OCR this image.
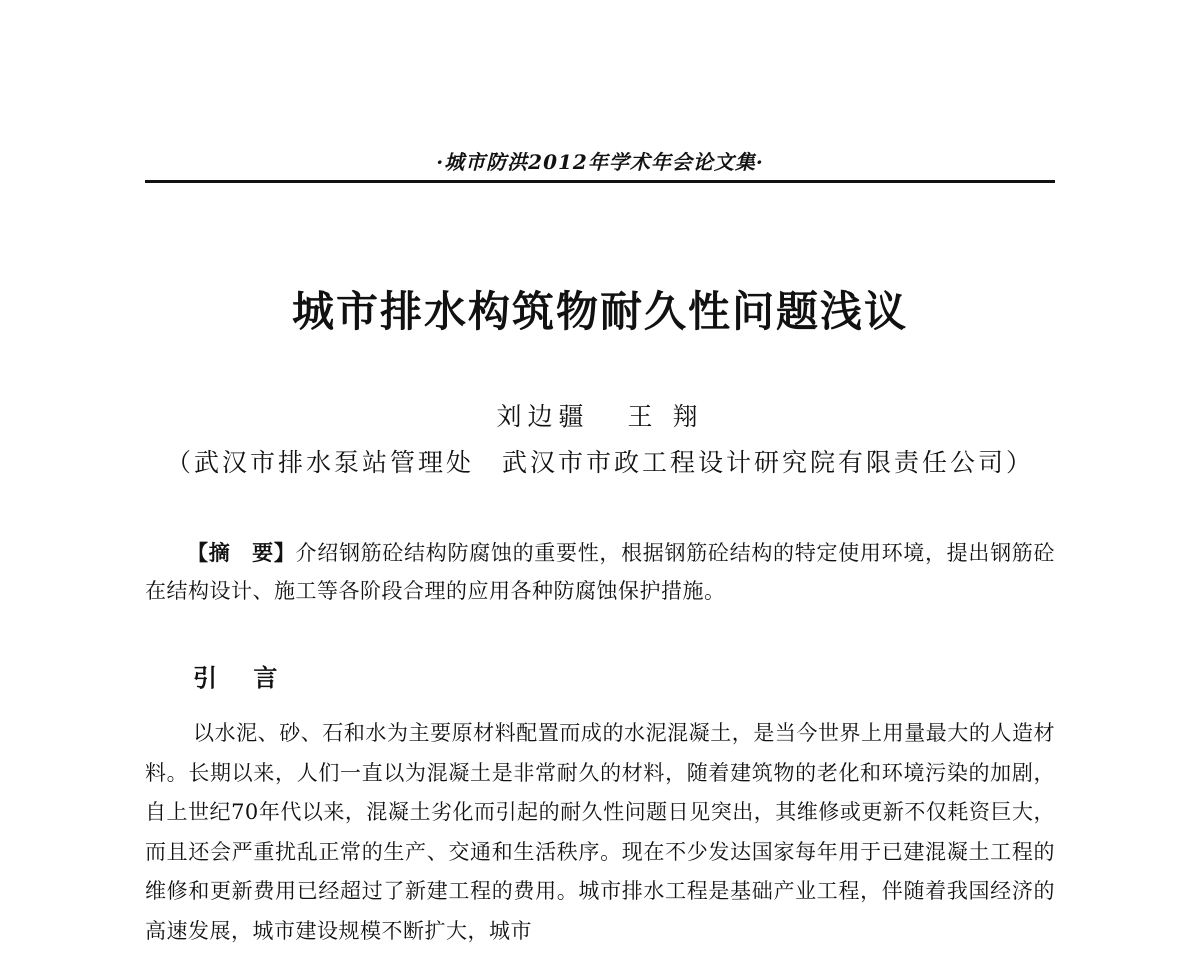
·城市防洪2012年学术年会论文集·
城市排水构筑物耐久性问题浅议
刘边疆 王 翔
（武汉市排水泵站管理处　武汉市市政工程设计研究院有限责任公司）
【摘　要】介绍钢筋砼结构防腐蚀的重要性，根据钢筋砼结构的特定使用环境，提出钢筋砼在结构设计、施工等各阶段合理的应用各种防腐蚀保护措施。
引 言
以水泥、砂、石和水为主要原材料配置而成的水泥混凝土，是当今世界上用量最大的人造材料。长期以来，人们一直以为混凝土是非常耐久的材料，随着建筑物的老化和环境污染的加剧，自上世纪70年代以来，混凝土劣化而引起的耐久性问题日见突出，其维修或更新不仅耗资巨大，而且还会严重扰乱正常的生产、交通和生活秩序。现在不少发达国家每年用于已建混凝土工程的维修和更新费用已经超过了新建工程的费用。城市排水工程是基础产业工程，伴随着我国经济的高速发展，城市建设规模不断扩大，城市
